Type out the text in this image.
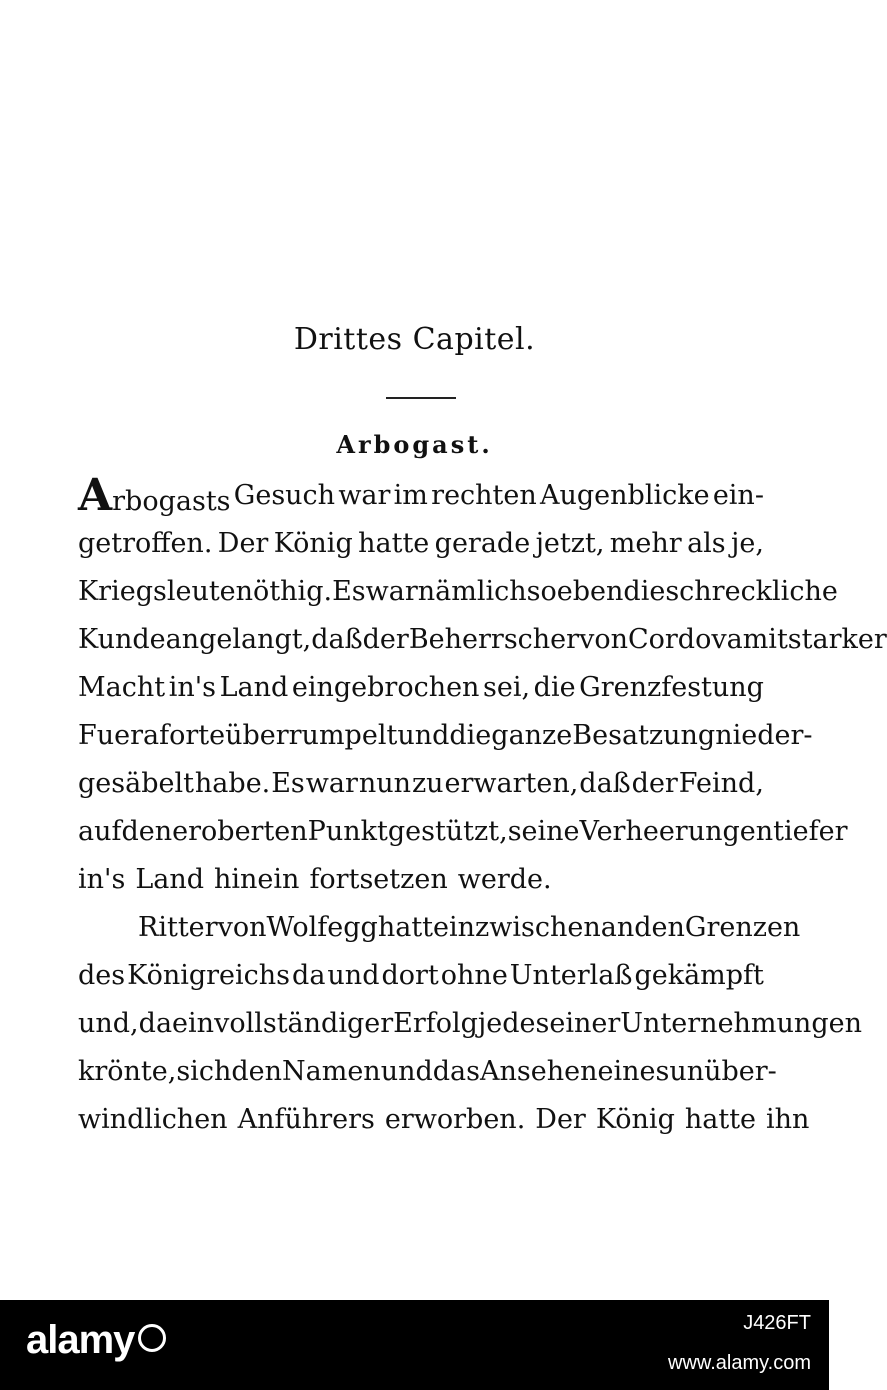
Drittes Capitel.
Arbogast.
Arbogasts Gesuch war im rechten Augenblicke ein-
getroffen. Der König hatte gerade jetzt, mehr als je,
Kriegsleute nöthig. Es war nämlich so eben die schreckliche
Kunde angelangt, daß der Beherrscher von Cordova mit starker
Macht in's Land eingebrochen sei, die Grenzfestung
Fueraforte überrumpelt und die ganze Besatzung nieder-
gesäbelt habe. Es war nun zu erwarten, daß der Feind,
auf den eroberten Punkt gestützt, seine Verheerungen tiefer
in's Land hinein fortsetzen werde.
Ritter von Wolfegg hatte inzwischen an den Grenzen
des Königreichs da und dort ohne Unterlaß gekämpft
und, da ein vollständiger Erfolg jede seiner Unternehmungen
krönte, sich den Namen und das Ansehen eines unüber-
windlichen Anführers erworben. Der König hatte ihn
alamy	J426FT
www.alamy.com
